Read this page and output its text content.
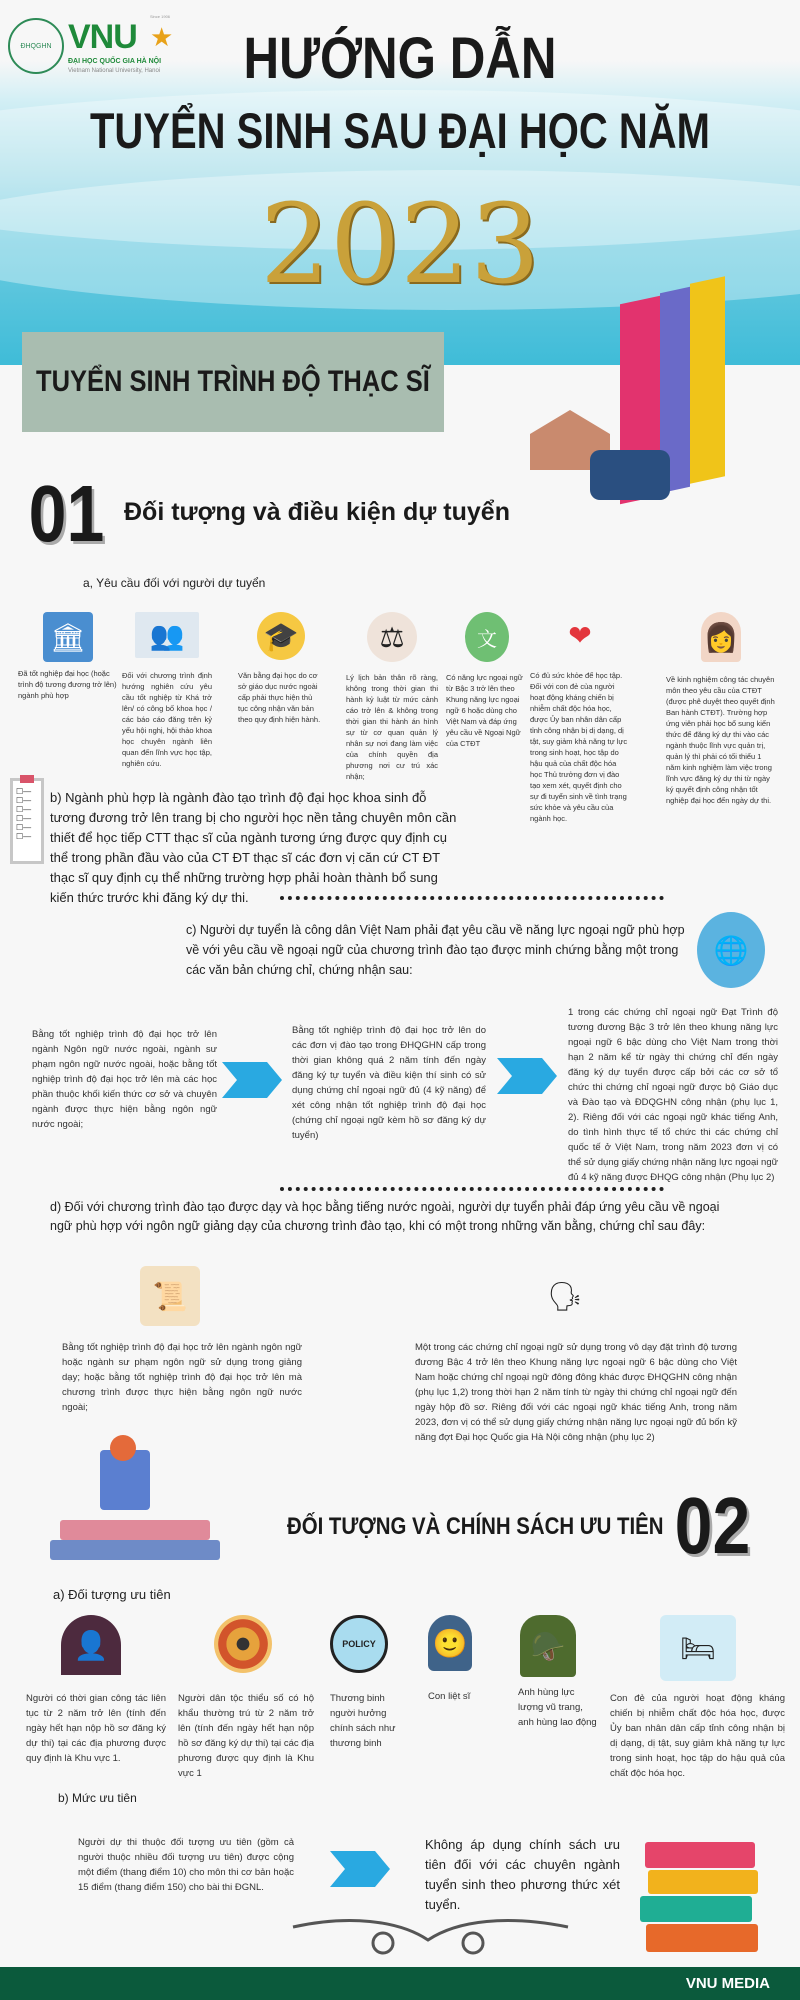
ĐHQGHN VNU
Since 1906
★
ĐẠI HỌC QUỐC GIA HÀ NỘI
Vietnam National University, Hanoi	HƯỚNG DẪN
TUYỂN SINH SAU ĐẠI HỌC NĂM
2023
TUYỂN SINH TRÌNH ĐỘ THẠC SĨ
01 Đối tượng và điều kiện dự tuyển
a, Yêu cầu đối với người dự tuyển
🏛
Đã tốt nghiệp đại học (hoặc trình độ tương đương trở lên) ngành phù hợp
👥
Đối với chương trình định hướng nghiên cứu yêu cầu tốt nghiệp từ Khá trở lên/ có công bố khoa học / các báo cáo đăng trên kỷ yếu hội nghị, hội thảo khoa học chuyên ngành liên quan đến lĩnh vực học tập, nghiên cứu.
🎓
Văn bằng đại học do cơ sở giáo dục nước ngoài cấp phải thực hiện thủ tục công nhận văn bản theo quy định hiện hành.
⚖
Lý lịch bản thân rõ ràng, không trong thời gian thi hành kỷ luật từ mức cảnh cáo trở lên & không trong thời gian thi hành án hình sự từ cơ quan quản lý nhân sự nơi đang làm việc của chính quyền địa phương nơi cư trú xác nhận;
文
Có năng lực ngoại ngữ từ Bậc 3 trở lên theo Khung năng lực ngoại ngữ 6 hoặc dùng cho Việt Nam và đáp ứng yêu cầu về Ngoại Ngữ của CTĐT
❤
Có đủ sức khỏe để học tập. Đối với con đẻ của người hoạt động kháng chiến bị nhiễm chất độc hóa học, được Ủy ban nhân dân cấp tỉnh công nhận bị dị dạng, dị tật, suy giảm khả năng tự lực trong sinh hoạt, học tập do hậu quả của chất độc hóa học Thủ trưởng đơn vị đào tạo xem xét, quyết định cho sự đi tuyển sinh về tình trạng sức khỏe và yêu cầu của ngành học.
👩
Về kinh nghiệm công tác chuyên môn theo yêu cầu của CTĐT (được phê duyệt theo quyết định Ban hành CTĐT). Trường hợp ứng viên phải học bổ sung kiến thức để đăng ký dự thi vào các ngành thuộc lĩnh vực quản trị, quản lý thì phải có tối thiểu 1 năm kinh nghiệm làm việc trong lĩnh vực đăng ký dự thi từ ngày ký quyết định công nhận tốt nghiệp đại học đến ngày dự thi.
☐—
☐—
☐—
☐—
☐—
☐—
b) Ngành phù hợp là ngành đào tạo trình độ đại học khoa sinh đỗ tương đương trở lên trang bị cho người học nền tảng chuyên môn cần thiết để học tiếp CTT thạc sĩ của ngành tương ứng được quy định cụ thể trong phần đầu vào của CT ĐT thạc sĩ các đơn vị căn cứ CT ĐT thạc sĩ quy định cụ thể những trường hợp phải hoàn thành bổ sung kiến thức trước khi đăng ký dự thi.
c) Người dự tuyển là công dân Việt Nam phải đạt yêu cầu về năng lực ngoại ngữ phù hợp về với yêu cầu về ngoại ngữ của chương trình đào tạo được minh chứng bằng một trong các văn bản chứng chỉ, chứng nhận sau:
🌐
Bằng tốt nghiệp trình độ đại học trở lên ngành Ngôn ngữ nước ngoài, ngành sư phạm ngôn ngữ nước ngoài, hoặc bằng tốt nghiệp trình độ đại học trở lên mà các học phần thuộc khối kiến thức cơ sở và chuyên ngành được thực hiện bằng ngôn ngữ nước ngoài;
Bằng tốt nghiệp trình độ đại học trở lên do các đơn vị đào tạo trong ĐHQGHN cấp trong thời gian không quá 2 năm tính đến ngày đăng ký tự tuyển và điều kiện thí sinh có sử dụng chứng chỉ ngoại ngữ đủ (4 kỹ năng) để xét công nhận tốt nghiệp trình độ đại học (chứng chỉ ngoại ngữ kèm hồ sơ đăng ký dự tuyển)
1 trong các chứng chỉ ngoại ngữ Đạt Trình độ tương đương Bậc 3 trở lên theo khung năng lực ngoại ngữ 6 bậc dùng cho Việt Nam trong thời hạn 2 năm kể từ ngày thi chứng chỉ đến ngày đăng ký dự tuyển được cấp bởi các cơ sở tổ chức thi chứng chỉ ngoại ngữ được bộ Giáo dục và Đào tạo và ĐDQGHN công nhận (phụ lục 1, 2). Riêng đối với các ngoại ngữ khác tiếng Anh, do tình hình thực tế tổ chức thi các chứng chỉ quốc tế ở Việt Nam, trong năm 2023 đơn vị có thể sử dụng giấy chứng nhận năng lực ngoại ngữ đủ 4 kỹ năng được ĐHQG công nhận (Phụ lục 2)
d) Đối với chương trình đào tạo được dạy và học bằng tiếng nước ngoài, người dự tuyển phải đáp ứng yêu cầu về ngoại ngữ phù hợp với ngôn ngữ giảng dạy của chương trình đào tạo, khi có một trong những văn bằng, chứng chỉ sau đây:
📜	🗣
Bằng tốt nghiệp trình độ đại học trở lên ngành ngôn ngữ hoặc ngành sư phạm ngôn ngữ sử dụng trong giảng dạy; hoặc bằng tốt nghiệp trình độ đại học trở lên mà chương trình được thực hiện bằng ngôn ngữ nước ngoài;
Một trong các chứng chỉ ngoại ngữ sử dụng trong vô dạy đặt trình độ tương đương Bậc 4 trở lên theo Khung năng lực ngoại ngữ 6 bậc dùng cho Việt Nam hoặc chứng chỉ ngoại ngữ đông đông khác được ĐHQGHN công nhận (phụ lục 1,2) trong thời hạn 2 năm tính từ ngày thi chứng chỉ ngoại ngữ đến ngày hộp đồ sơ. Riêng đối với các ngoại ngữ khác tiếng Anh, trong năm 2023, đơn vị có thể sử dụng giấy chứng nhận năng lực ngoại ngữ đủ bốn kỹ năng đợt Đại học Quốc gia Hà Nội công nhận (phụ lục 2)
ĐỐI TƯỢNG VÀ CHÍNH SÁCH ƯU TIÊN 02
a) Đối tượng ưu tiên
👤
Người có thời gian công tác liên tục từ 2 năm trở lên (tính đến ngày hết hạn nộp hồ sơ đăng ký dự thi) tại các địa phương được quy định là Khu vực 1.
Người dân tộc thiểu số có hộ khẩu thường trú từ 2 năm trở lên (tính đến ngày hết hạn nộp hồ sơ đăng ký dự thi) tại các địa phương được quy định là Khu vực 1
POLICY
Thương binh người hưởng chính sách như thương binh
🙂
Con liệt sĩ
🪖
Anh hùng lực lượng vũ trang, anh hùng lao động
🛏
Con đẻ của người hoạt động kháng chiến bị nhiễm chất độc hóa học, được Ủy ban nhân dân cấp tỉnh công nhận bị dị dạng, dị tật, suy giảm khả năng tự lực trong sinh hoạt, học tập do hậu quả của chất độc hóa học.
b) Mức ưu tiên
Người dự thi thuộc đối tượng ưu tiên (gồm cả người thuộc nhiều đối tượng ưu tiên) được cộng một điểm (thang điểm 10) cho môn thi cơ bản hoặc 15 điểm (thang điểm 150) cho bài thi ĐGNL.
Không áp dụng chính sách ưu tiên đối với các chuyên ngành tuyển sinh theo phương thức xét tuyển.
VNU MEDIA
